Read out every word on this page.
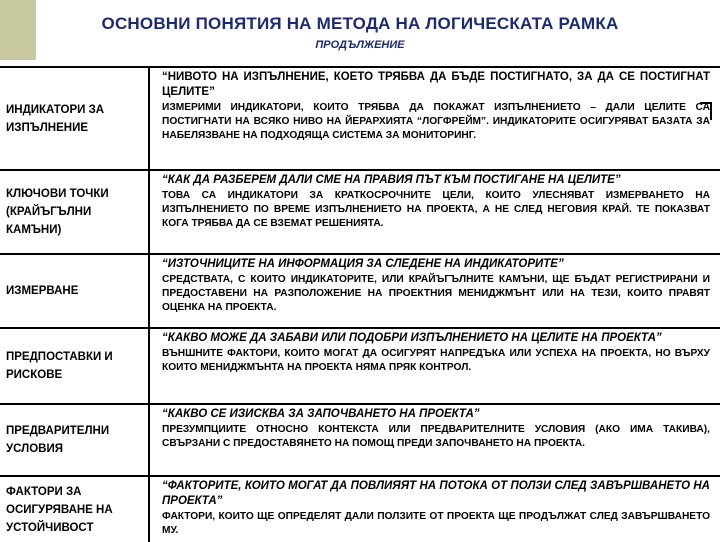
ОСНОВНИ ПОНЯТИЯ НА МЕТОДА НА ЛОГИЧЕСКАТА РАМКА
ПРОДЪЛЖЕНИЕ
ИНДИКАТОРИ ЗА ИЗПЪЛНЕНИЕ
“НИВОТО НА ИЗПЪЛНЕНИЕ, КОЕТО ТРЯБВА ДА БЪДЕ ПОСТИГНАТО, ЗА ДА СЕ ПОСТИГНАТ ЦЕЛИТЕ”
ИЗМЕРИМИ ИНДИКАТОРИ, КОИТО ТРЯБВА ДА ПОКАЖАТ ИЗПЪЛНЕНИЕТО – ДАЛИ ЦЕЛИТЕ СА ПОСТИГНАТИ НА ВСЯКО НИВО НА ЙЕРАРХИЯТА “ЛОГФРЕЙМ”. ИНДИКАТОРИТЕ ОСИГУРЯВАТ БАЗАТА ЗА НАБЕЛЯЗВАНЕ НА ПОДХОДЯЩА СИСТЕМА ЗА МОНИТОРИНГ.
КЛЮЧОВИ ТОЧКИ (КРАЙЪГЪЛНИ КАМЪНИ)
“КАК ДА РАЗБЕРЕМ ДАЛИ СМЕ НА ПРАВИЯ ПЪТ КЪМ ПОСТИГАНЕ НА ЦЕЛИТЕ”
ТОВА СА ИНДИКАТОРИ ЗА КРАТКОСРОЧНИТЕ ЦЕЛИ, КОИТО УЛЕСНЯВАТ ИЗМЕРВАНЕТО НА ИЗПЪЛНЕНИЕТО ПО ВРЕМЕ ИЗПЪЛНЕНИЕТО НА ПРОЕКТА, А НЕ СЛЕД НЕГОВИЯ КРАЙ. ТЕ ПОКАЗВАТ КОГА ТРЯБВА ДА СЕ ВЗЕМАТ РЕШЕНИЯТА.
ИЗМЕРВАНЕ
“ИЗТОЧНИЦИТЕ НА ИНФОРМАЦИЯ ЗА СЛЕДЕНЕ НА ИНДИКАТОРИТЕ”
СРЕДСТВАТА, С КОИТО ИНДИКАТОРИТЕ, ИЛИ КРАЙЪГЪЛНИТЕ КАМЪНИ, ЩЕ БЪДАТ РЕГИСТРИРАНИ И ПРЕДОСТАВЕНИ НА РАЗПОЛОЖЕНИЕ НА ПРОЕКТНИЯ МЕНИДЖМЪНТ ИЛИ НА ТЕЗИ, КОИТО ПРАВЯТ ОЦЕНКА НА ПРОЕКТА.
ПРЕДПОСТАВКИ И РИСКОВЕ
“КАКВО МОЖЕ ДА ЗАБАВИ ИЛИ ПОДОБРИ ИЗПЪЛНЕНИЕТО НА ЦЕЛИТЕ НА ПРОЕКТА”
ВЪНШНИТЕ ФАКТОРИ, КОИТО МОГАТ ДА ОСИГУРЯТ НАПРЕДЪКА ИЛИ УСПЕХА НА ПРОЕКТА, НО ВЪРХУ КОИТО МЕНИДЖМЪНТА НА ПРОЕКТА НЯМА ПРЯК КОНТРОЛ.
ПРЕДВАРИТЕЛНИ УСЛОВИЯ
“КАКВО СЕ ИЗИСКВА ЗА ЗАПОЧВАНЕТО НА ПРОЕКТА”
ПРЕЗУМПЦИИТЕ ОТНОСНО КОНТЕКСТА ИЛИ ПРЕДВАРИТЕЛНИТЕ УСЛОВИЯ (АКО ИМА ТАКИВА), СВЪРЗАНИ С ПРЕДОСТАВЯНЕТО НА ПОМОЩ ПРЕДИ ЗАПОЧВАНЕТО НА ПРОЕКТА.
ФАКТОРИ ЗА ОСИГУРЯВАНЕ НА УСТОЙЧИВОСТ
“ФАКТОРИТЕ, КОИТО МОГАТ ДА ПОВЛИЯЯТ НА ПОТОКА ОТ ПОЛЗИ СЛЕД ЗАВЪРШВАНЕТО НА ПРОЕКТА”
ФАКТОРИ, КОИТО ЩЕ ОПРЕДЕЛЯТ ДАЛИ ПОЛЗИТЕ ОТ ПРОЕКТА ЩЕ ПРОДЪЛЖАТ СЛЕД ЗАВЪРШВАНЕТО МУ.
